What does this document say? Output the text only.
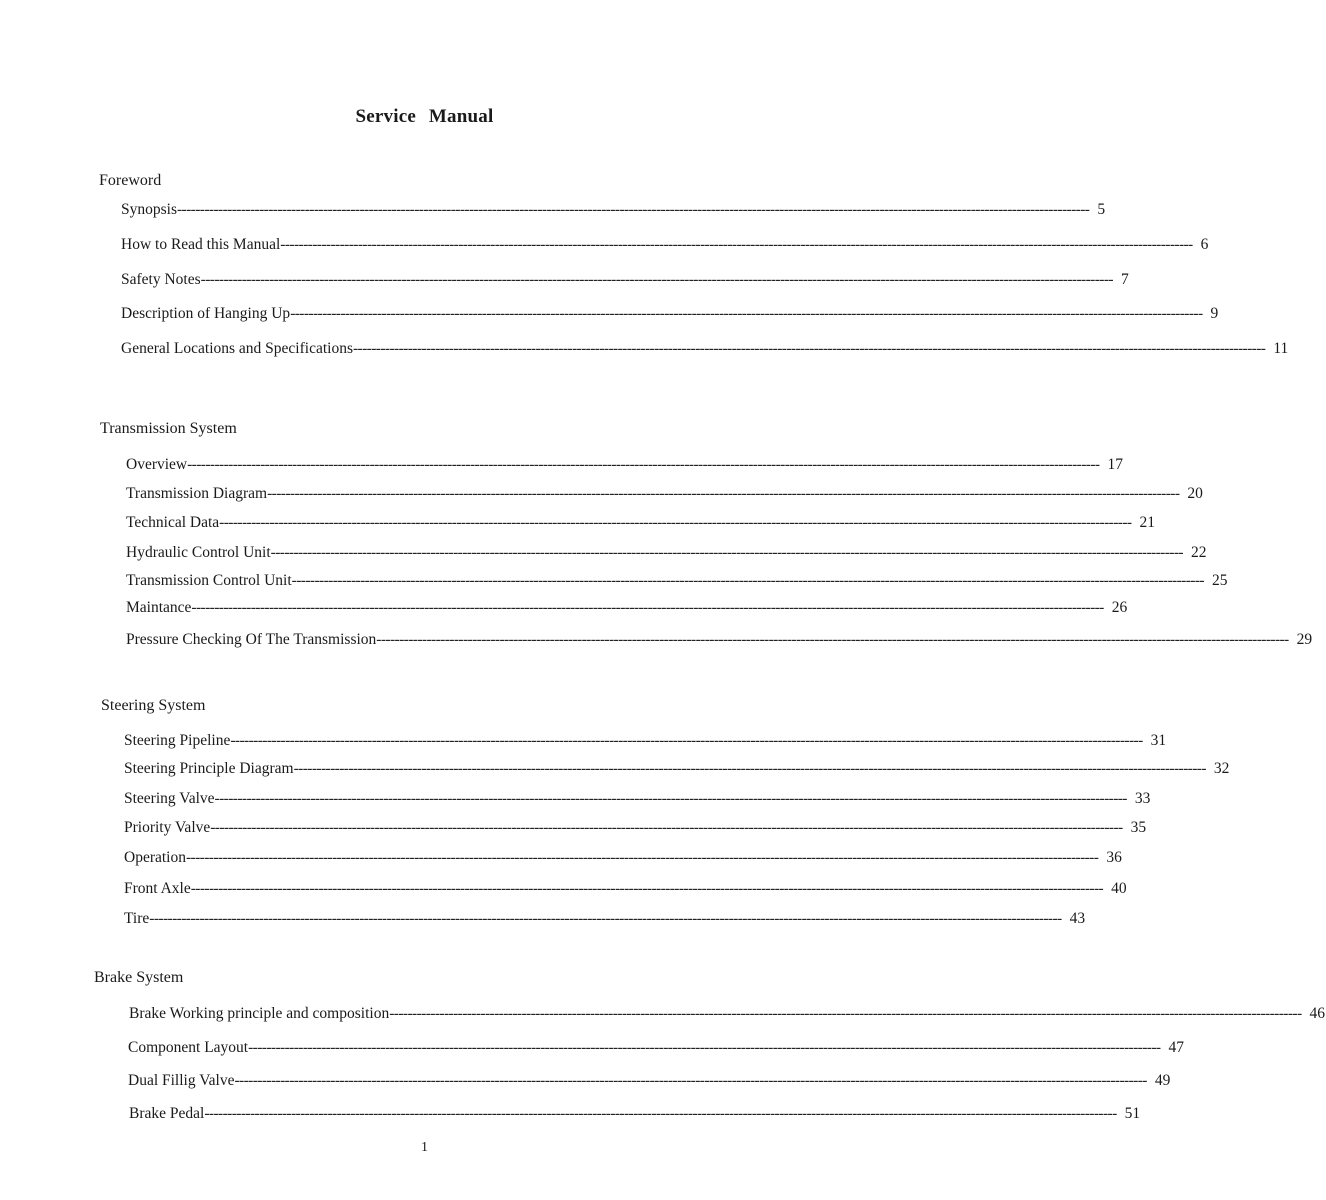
Service Manual
Foreword
Synopsis -------------------------------------------------------------------------------------------------------------------------------------------------------------------------------------------------------- 5
How to Read this Manual -------------------------------------------------------------------------------------------------------------------------------------------------------------------------------------------------------- 6
Safety Notes -------------------------------------------------------------------------------------------------------------------------------------------------------------------------------------------------------- 7
Description of Hanging Up -------------------------------------------------------------------------------------------------------------------------------------------------------------------------------------------------------- 9
General Locations and Specifications -------------------------------------------------------------------------------------------------------------------------------------------------------------------------------------------------------- 11
Transmission System
Overview -------------------------------------------------------------------------------------------------------------------------------------------------------------------------------------------------------- 17
Transmission Diagram -------------------------------------------------------------------------------------------------------------------------------------------------------------------------------------------------------- 20
Technical Data -------------------------------------------------------------------------------------------------------------------------------------------------------------------------------------------------------- 21
Hydraulic Control Unit -------------------------------------------------------------------------------------------------------------------------------------------------------------------------------------------------------- 22
Transmission Control Unit -------------------------------------------------------------------------------------------------------------------------------------------------------------------------------------------------------- 25
Maintance -------------------------------------------------------------------------------------------------------------------------------------------------------------------------------------------------------- 26
Pressure Checking Of The Transmission -------------------------------------------------------------------------------------------------------------------------------------------------------------------------------------------------------- 29
Steering System
Steering Pipeline -------------------------------------------------------------------------------------------------------------------------------------------------------------------------------------------------------- 31
Steering Principle Diagram -------------------------------------------------------------------------------------------------------------------------------------------------------------------------------------------------------- 32
Steering Valve -------------------------------------------------------------------------------------------------------------------------------------------------------------------------------------------------------- 33
Priority Valve -------------------------------------------------------------------------------------------------------------------------------------------------------------------------------------------------------- 35
Operation -------------------------------------------------------------------------------------------------------------------------------------------------------------------------------------------------------- 36
Front Axle -------------------------------------------------------------------------------------------------------------------------------------------------------------------------------------------------------- 40
Tire -------------------------------------------------------------------------------------------------------------------------------------------------------------------------------------------------------- 43
Brake System
Brake Working principle and composition -------------------------------------------------------------------------------------------------------------------------------------------------------------------------------------------------------- 46
Component Layout -------------------------------------------------------------------------------------------------------------------------------------------------------------------------------------------------------- 47
Dual Fillig Valve -------------------------------------------------------------------------------------------------------------------------------------------------------------------------------------------------------- 49
Brake Pedal -------------------------------------------------------------------------------------------------------------------------------------------------------------------------------------------------------- 51
1
